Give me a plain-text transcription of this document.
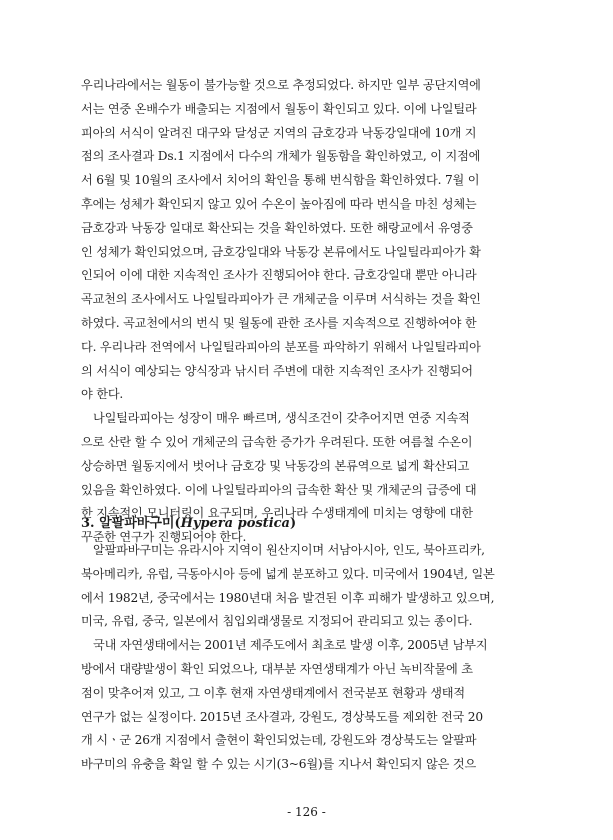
우리나라에서는 월동이 불가능할 것으로 추정되었다. 하지만 일부 공단지역에

서는 연중 온배수가 배출되는 지점에서 월동이 확인되고 있다. 이에 나일틸라

피아의 서식이 알려진 대구와 달성군 지역의 금호강과 낙동강일대에 10개 지

점의 조사결과 Ds.1 지점에서 다수의 개체가 월동함을 확인하였고, 이 지점에

서 6월 및 10월의 조사에서 치어의 확인을 통해 번식함을 확인하였다. 7월 이

후에는 성체가 확인되지 않고 있어 수온이 높아짐에 따라 번식을 마친 성체는

금호강과 낙동강 일대로 확산되는 것을 확인하였다. 또한 해랑교에서 유영중

인 성체가 확인되었으며, 금호강일대와 낙동강 본류에서도 나일틸라피아가 확

인되어 이에 대한 지속적인 조사가 진행되어야 한다. 금호강일대 뿐만 아니라

곡교천의 조사에서도 나일틸라피아가 큰 개체군을 이루며 서식하는 것을 확인

하였다. 곡교천에서의 번식 및 월동에 관한 조사를 지속적으로 진행하여야 한

다. 우리나라 전역에서 나일틸라피아의 분포를 파악하기 위해서 나일틸라피아

의 서식이 예상되는 양식장과 낚시터 주변에 대한 지속적인 조사가 진행되어

야 한다.

나일틸라피아는 성장이 매우 빠르며, 생식조건이 갖추어지면 연중 지속적

으로 산란 할 수 있어 개체군의 급속한 증가가 우려된다. 또한 여름철 수온이

상승하면 월동지에서 벗어나 금호강 및 낙동강의 본류역으로 넓게 확산되고

있음을 확인하였다. 이에 나일틸라피아의 급속한 확산 및 개체군의 급증에 대

한 지속적인 모니터링이 요구되며, 우리나라 수생태계에 미치는 영향에 대한

꾸준한 연구가 진행되어야 한다.

3. 알팔파바구미(Hypera postica)

알팔파바구미는 유라시아 지역이 원산지이며 서남아시아, 인도, 북아프리카,

북아메리카, 유럽, 극동아시아 등에 넓게 분포하고 있다. 미국에서 1904년, 일본

에서 1982년, 중국에서는 1980년대 처음 발견된 이후 피해가 발생하고 있으며,

미국, 유럽, 중국, 일본에서 침입외래생물로 지정되어 관리되고 있는 종이다.

국내 자연생태에서는 2001년 제주도에서 최초로 발생 이후, 2005년 남부지

방에서 대량발생이 확인 되었으나, 대부분 자연생태계가 아닌 녹비작물에 초

점이 맞추어져 있고, 그 이후 현재 자연생태계에서 전국분포 현황과 생태적

연구가 없는 실정이다. 2015년 조사결과, 강원도, 경상북도를 제외한 전국 20

개 시ㆍ군 26개 지점에서 출현이 확인되었는데, 강원도와 경상북도는 알팔파

바구미의 유충을 확일 할 수 있는 시기(3~6월)를 지나서 확인되지 않은 것으

- 126 -
